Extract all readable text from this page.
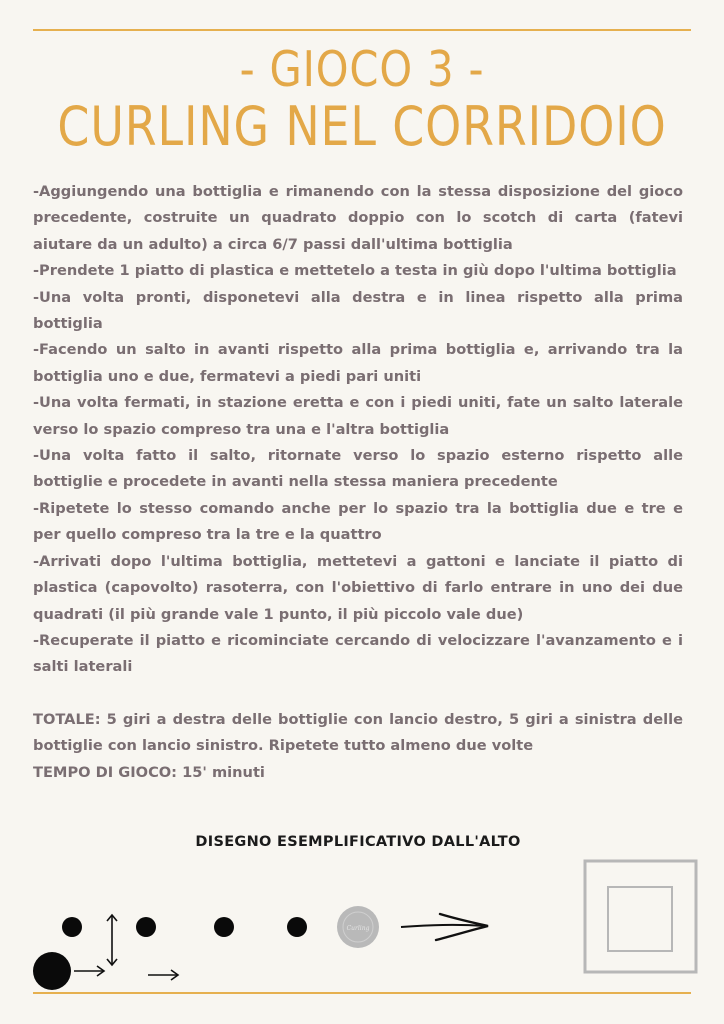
- GIOCO 3 -
CURLING NEL CORRIDOIO

-Aggiungendo una bottiglia e rimanendo con la stessa disposizione del gioco precedente, costruite un quadrato doppio con lo scotch di carta (fatevi aiutare da un adulto) a circa 6/7 passi dall'ultima bottiglia

-Prendete 1 piatto di plastica e mettetelo a testa in giù dopo l'ultima bottiglia

-Una volta pronti, disponetevi alla destra e in linea rispetto alla prima bottiglia

-Facendo un salto in avanti rispetto alla prima bottiglia e, arrivando tra la bottiglia uno e due, fermatevi a piedi pari uniti

-Una volta fermati, in stazione eretta e con i piedi uniti, fate un salto laterale verso lo spazio compreso tra una e l'altra bottiglia

-Una volta fatto il salto, ritornate verso lo spazio esterno rispetto alle bottiglie e procedete in avanti nella stessa maniera precedente

-Ripetete lo stesso comando anche per lo spazio tra la bottiglia due e tre e per quello compreso tra la tre e la quattro

-Arrivati dopo l'ultima bottiglia, mettetevi a gattoni e lanciate il piatto di plastica (capovolto) rasoterra, con l'obiettivo di farlo entrare in uno dei due quadrati (il più grande vale 1 punto, il più piccolo vale due)

-Recuperate il piatto e ricominciate cercando di velocizzare l'avanzamento e i salti laterali

TOTALE: 5 giri a destra delle bottiglie con lancio destro, 5 giri a sinistra delle bottiglie con lancio sinistro. Ripetete tutto almeno due volte

TEMPO DI GIOCO: 15' minuti

DISEGNO ESEMPLIFICATIVO DALL'ALTO
Curling
